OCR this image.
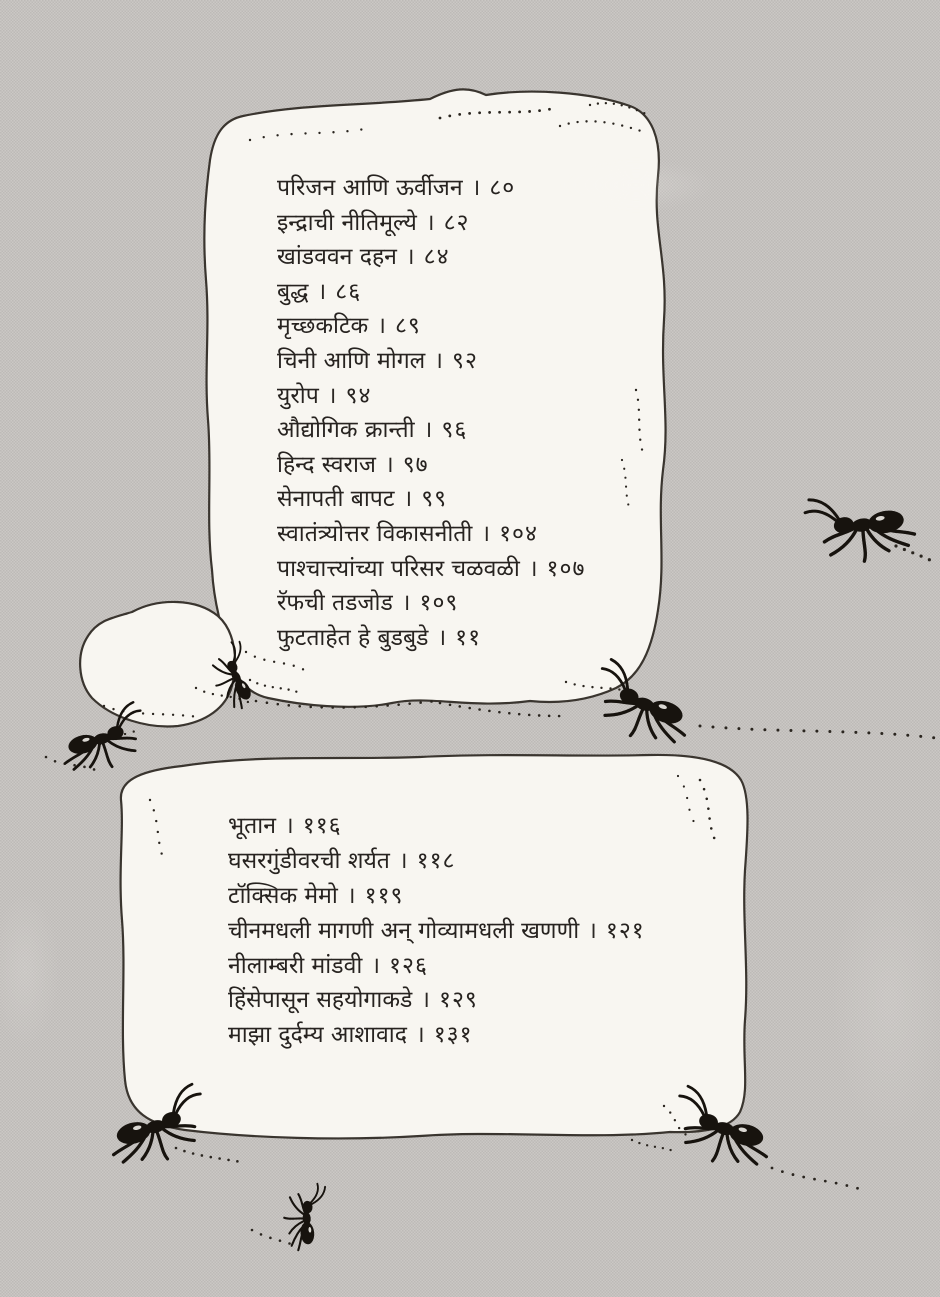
परिजन आणि ऊर्वीजन । ८०
इन्द्राची नीतिमूल्ये । ८२
खांडववन दहन । ८४
बुद्ध । ८६
मृच्छकटिक । ८९
चिनी आणि मोगल । ९२
युरोप । ९४
औद्योगिक क्रान्ती । ९६
हिन्द स्वराज । ९७
सेनापती बापट । ९९
स्वातंत्र्योत्तर विकासनीती । १०४
पाश्चात्त्यांच्या परिसर चळवळी । १०७
रॅफची तडजोड । १०९
फुटताहेत हे बुडबुडे । ११
भूतान । ११६
घसरगुंडीवरची शर्यत । ११८
टॉक्सिक मेमो । ११९
चीनमधली मागणी अन् गोव्यामधली खणणी । १२१
नीलाम्बरी मांडवी । १२६
हिंसेपासून सहयोगाकडे । १२९
माझा दुर्दम्य आशावाद । १३१
